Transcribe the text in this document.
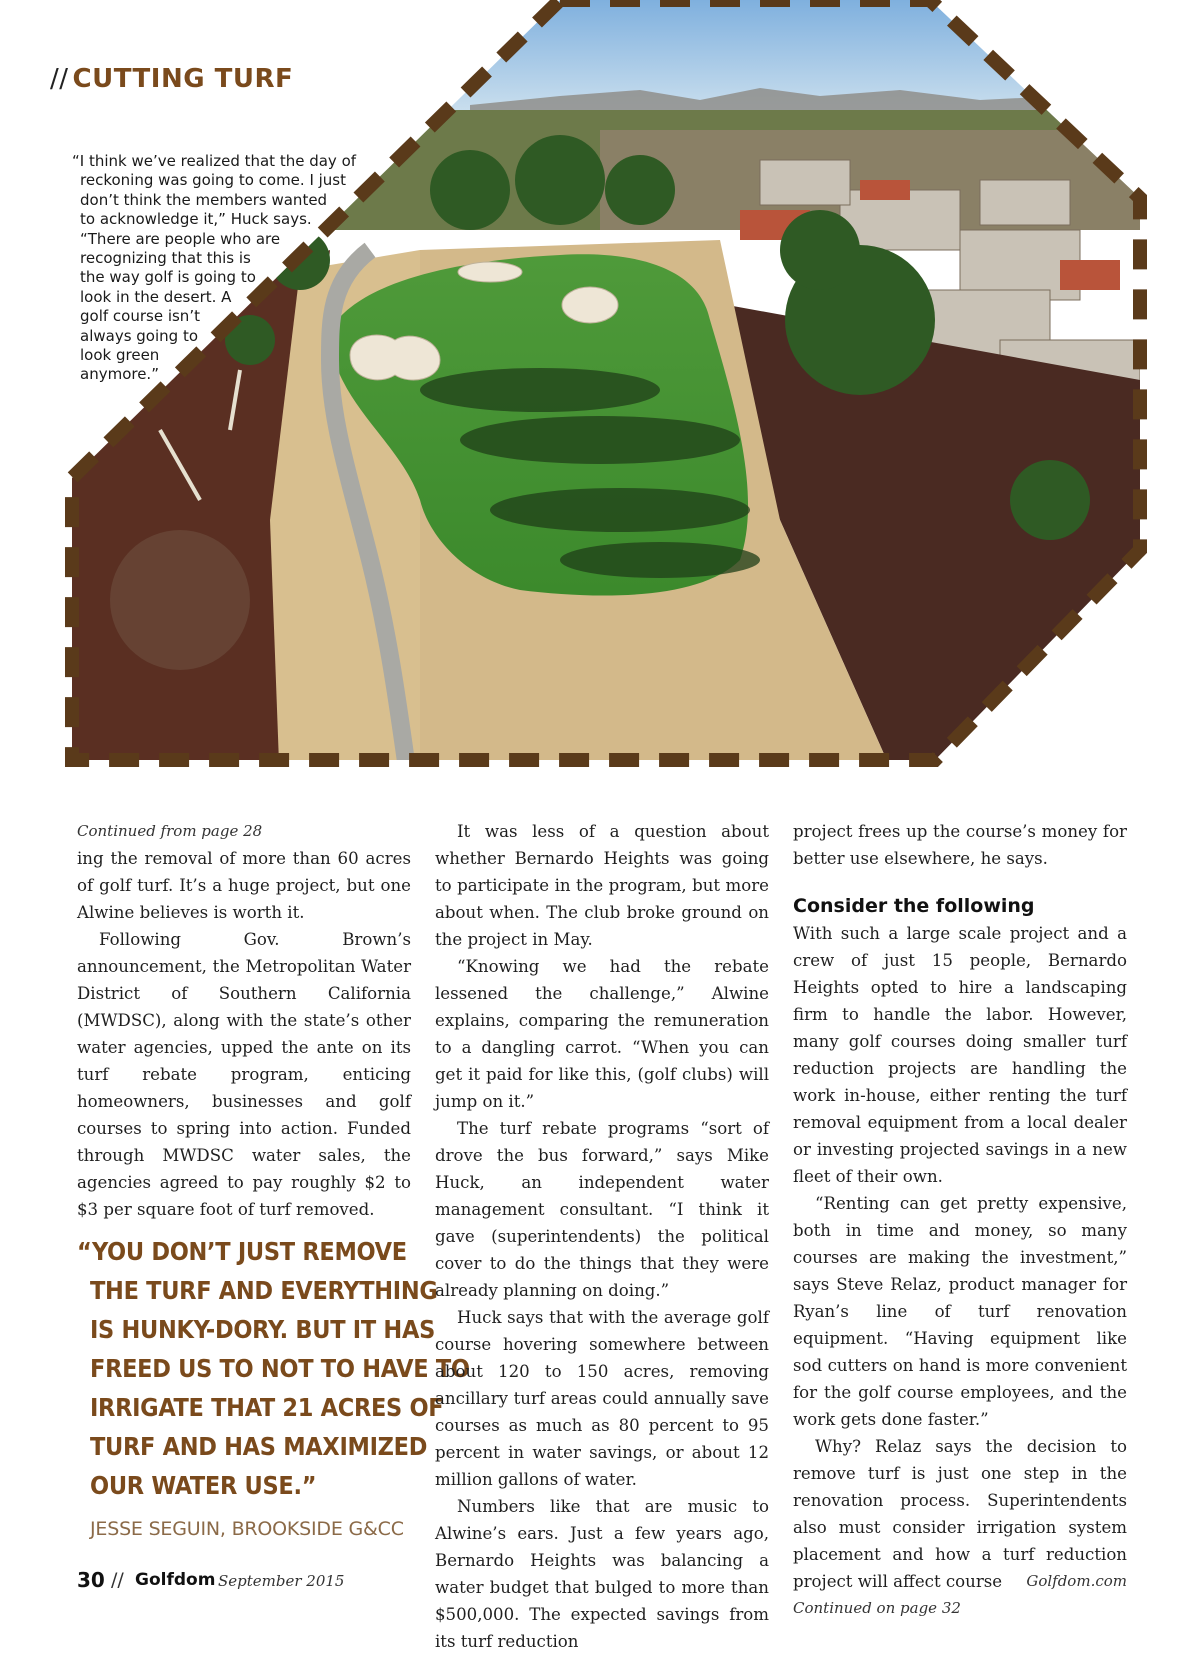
// CUTTING TURF
“I think we’ve realized that the day of
reckoning was going to come. I just
don’t think the members wanted
to acknowledge it,” Huck says.
“There are people who are
recognizing that this is
the way golf is going to
look in the desert. A
golf course isn’t
always going to
look green
anymore.”

Continued from page 28

ing the removal of more than 60 acres of golf turf. It’s a huge project, but one Alwine believes is worth it.

Following Gov. Brown’s announcement, the Metropolitan Water District of Southern California (MWDSC), along with the state’s other water agencies, upped the ante on its turf rebate program, enticing homeowners, businesses and golf courses to spring into action. Funded through MWDSC water sales, the agencies agreed to pay roughly $2 to $3 per square foot of turf removed.

“YOU DON’T JUST REMOVE
THE TURF AND EVERYTHING
IS HUNKY-DORY. BUT IT HAS
FREED US TO NOT TO HAVE TO
IRRIGATE THAT 21 ACRES OF
TURF AND HAS MAXIMIZED
OUR WATER USE.”
JESSE SEGUIN, BROOKSIDE G&CC

It was less of a question about whether Bernardo Heights was going to participate in the program, but more about when. The club broke ground on the project in May.

“Knowing we had the rebate lessened the challenge,” Alwine explains, comparing the remuneration to a dangling carrot. “When you can get it paid for like this, (golf clubs) will jump on it.”

The turf rebate programs “sort of drove the bus forward,” says Mike Huck, an independent water management consultant. “I think it gave (superintendents) the political cover to do the things that they were already planning on doing.”

Huck says that with the average golf course hovering somewhere between about 120 to 150 acres, removing ancillary turf areas could annually save courses as much as 80 percent to 95 percent in water savings, or about 12 million gallons of water.

Numbers like that are music to Alwine’s ears. Just a few years ago, Bernardo Heights was balancing a water budget that bulged to more than $500,000. The expected savings from its turf reduction

project frees up the course’s money for better use elsewhere, he says.

Consider the following

With such a large scale project and a crew of just 15 people, Bernardo Heights opted to hire a landscaping firm to handle the labor. However, many golf courses doing smaller turf reduction projects are handling the work in-house, either renting the turf removal equipment from a local dealer or investing projected savings in a new fleet of their own.

“Renting can get pretty expensive, both in time and money, so many courses are making the investment,” says Steve Relaz, product manager for Ryan’s line of turf renovation equipment. “Having equipment like sod cutters on hand is more convenient for the golf course employees, and the work gets done faster.”

Why? Relaz says the decision to remove turf is just one step in the renovation process. Superintendents also must consider irrigation system placement and how a turf reduction project will affect course

Continued on page 32

30 // Golfdom September 2015	Golfdom.com
